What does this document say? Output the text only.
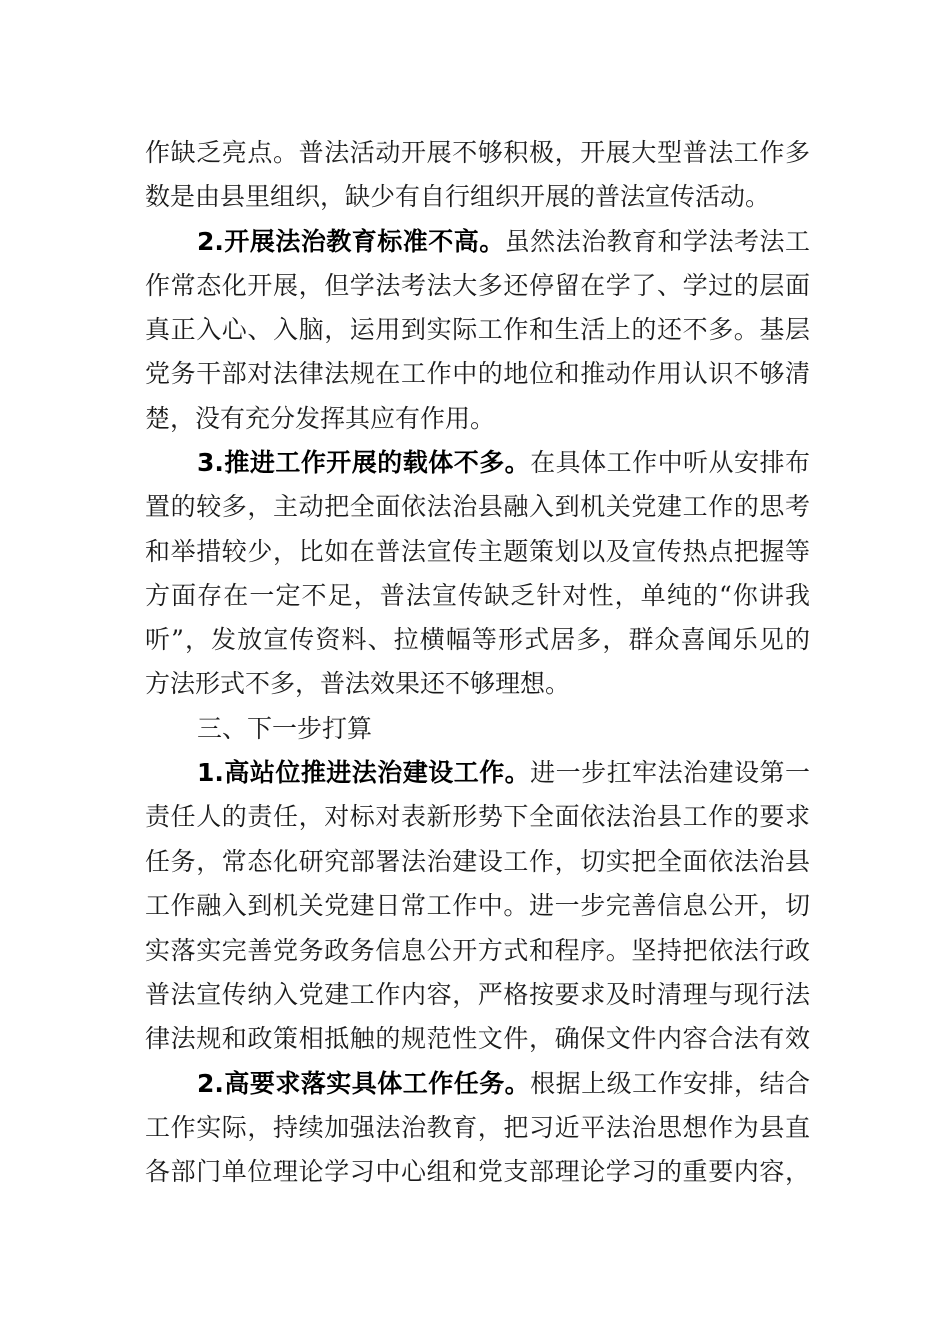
作缺乏亮点。普法活动开展不够积极，开展大型普法工作多
数是由县里组织，缺少有自行组织开展的普法宣传活动。
2.开展法治教育标准不高。虽然法治教育和学法考法工
作常态化开展，但学法考法大多还停留在学了、学过的层面
真正入心、入脑，运用到实际工作和生活上的还不多。基层
党务干部对法律法规在工作中的地位和推动作用认识不够清
楚，没有充分发挥其应有作用。
3.推进工作开展的载体不多。在具体工作中听从安排布
置的较多，主动把全面依法治县融入到机关党建工作的思考
和举措较少，比如在普法宣传主题策划以及宣传热点把握等
方面存在一定不足，普法宣传缺乏针对性，单纯的“你讲我
听”，发放宣传资料、拉横幅等形式居多，群众喜闻乐见的
方法形式不多，普法效果还不够理想。
三、下一步打算
1.高站位推进法治建设工作。进一步扛牢法治建设第一
责任人的责任，对标对表新形势下全面依法治县工作的要求
任务，常态化研究部署法治建设工作，切实把全面依法治县
工作融入到机关党建日常工作中。进一步完善信息公开，切
实落实完善党务政务信息公开方式和程序。坚持把依法行政
普法宣传纳入党建工作内容，严格按要求及时清理与现行法
律法规和政策相抵触的规范性文件，确保文件内容合法有效
2.高要求落实具体工作任务。根据上级工作安排，结合
工作实际，持续加强法治教育，把习近平法治思想作为县直
各部门单位理论学习中心组和党支部理论学习的重要内容，
